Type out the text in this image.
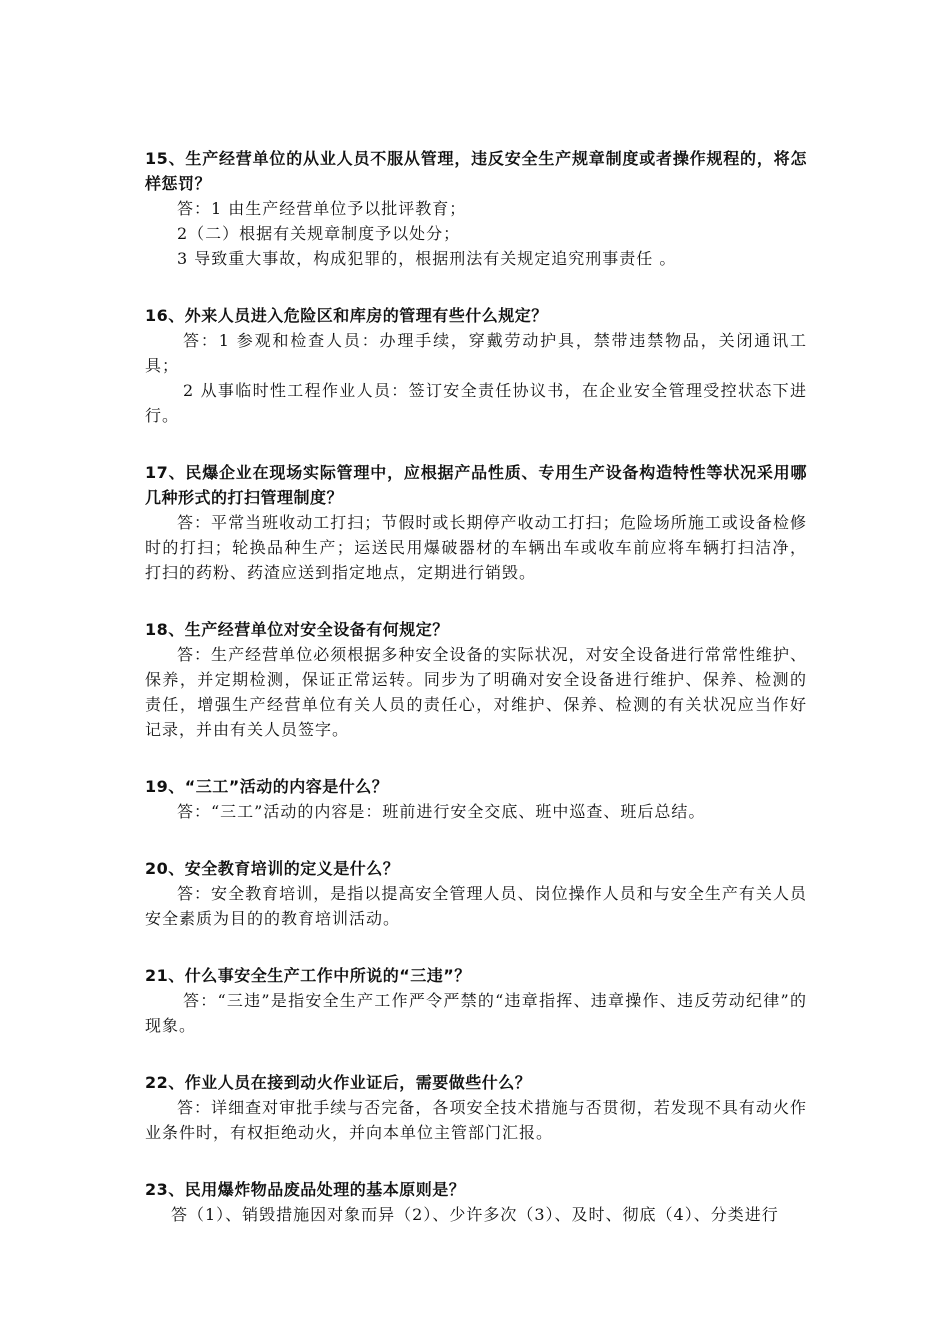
15、生产经营单位的从业人员不服从管理，违反安全生产规章制度或者操作规程的，将怎样惩罚？

答：1 由生产经营单位予以批评教育；

2（二）根据有关规章制度予以处分；

3 导致重大事故，构成犯罪的，根据刑法有关规定追究刑事责任 。

16、外来人员进入危险区和库房的管理有些什么规定？

答：1 参观和检查人员：办理手续，穿戴劳动护具，禁带违禁物品，关闭通讯工具；

2 从事临时性工程作业人员：签订安全责任协议书，在企业安全管理受控状态下进行。

17、民爆企业在现场实际管理中，应根据产品性质、专用生产设备构造特性等状况采用哪几种形式的打扫管理制度？

答：平常当班收动工打扫；节假时或长期停产收动工打扫；危险场所施工或设备检修时的打扫；轮换品种生产；运送民用爆破器材的车辆出车或收车前应将车辆打扫洁净，打扫的药粉、药渣应送到指定地点，定期进行销毁。

18、生产经营单位对安全设备有何规定？

答：生产经营单位必须根据多种安全设备的实际状况，对安全设备进行常常性维护、保养，并定期检测，保证正常运转。同步为了明确对安全设备进行维护、保养、检测的责任，增强生产经营单位有关人员的责任心，对维护、保养、检测的有关状况应当作好记录，并由有关人员签字。

19、“三工”活动的内容是什么？

答：“三工”活动的内容是：班前进行安全交底、班中巡查、班后总结。

20、安全教育培训的定义是什么？

答：安全教育培训，是指以提高安全管理人员、岗位操作人员和与安全生产有关人员安全素质为目的的教育培训活动。

21、什么事安全生产工作中所说的“三违”？

答：“三违”是指安全生产工作严令严禁的“违章指挥、违章操作、违反劳动纪律”的现象。

22、作业人员在接到动火作业证后，需要做些什么？

答：详细查对审批手续与否完备，各项安全技术措施与否贯彻，若发现不具有动火作业条件时，有权拒绝动火，并向本单位主管部门汇报。

23、民用爆炸物品废品处理的基本原则是？

答（1）、销毁措施因对象而异（2）、少许多次（3）、及时、彻底（4）、分类进行
